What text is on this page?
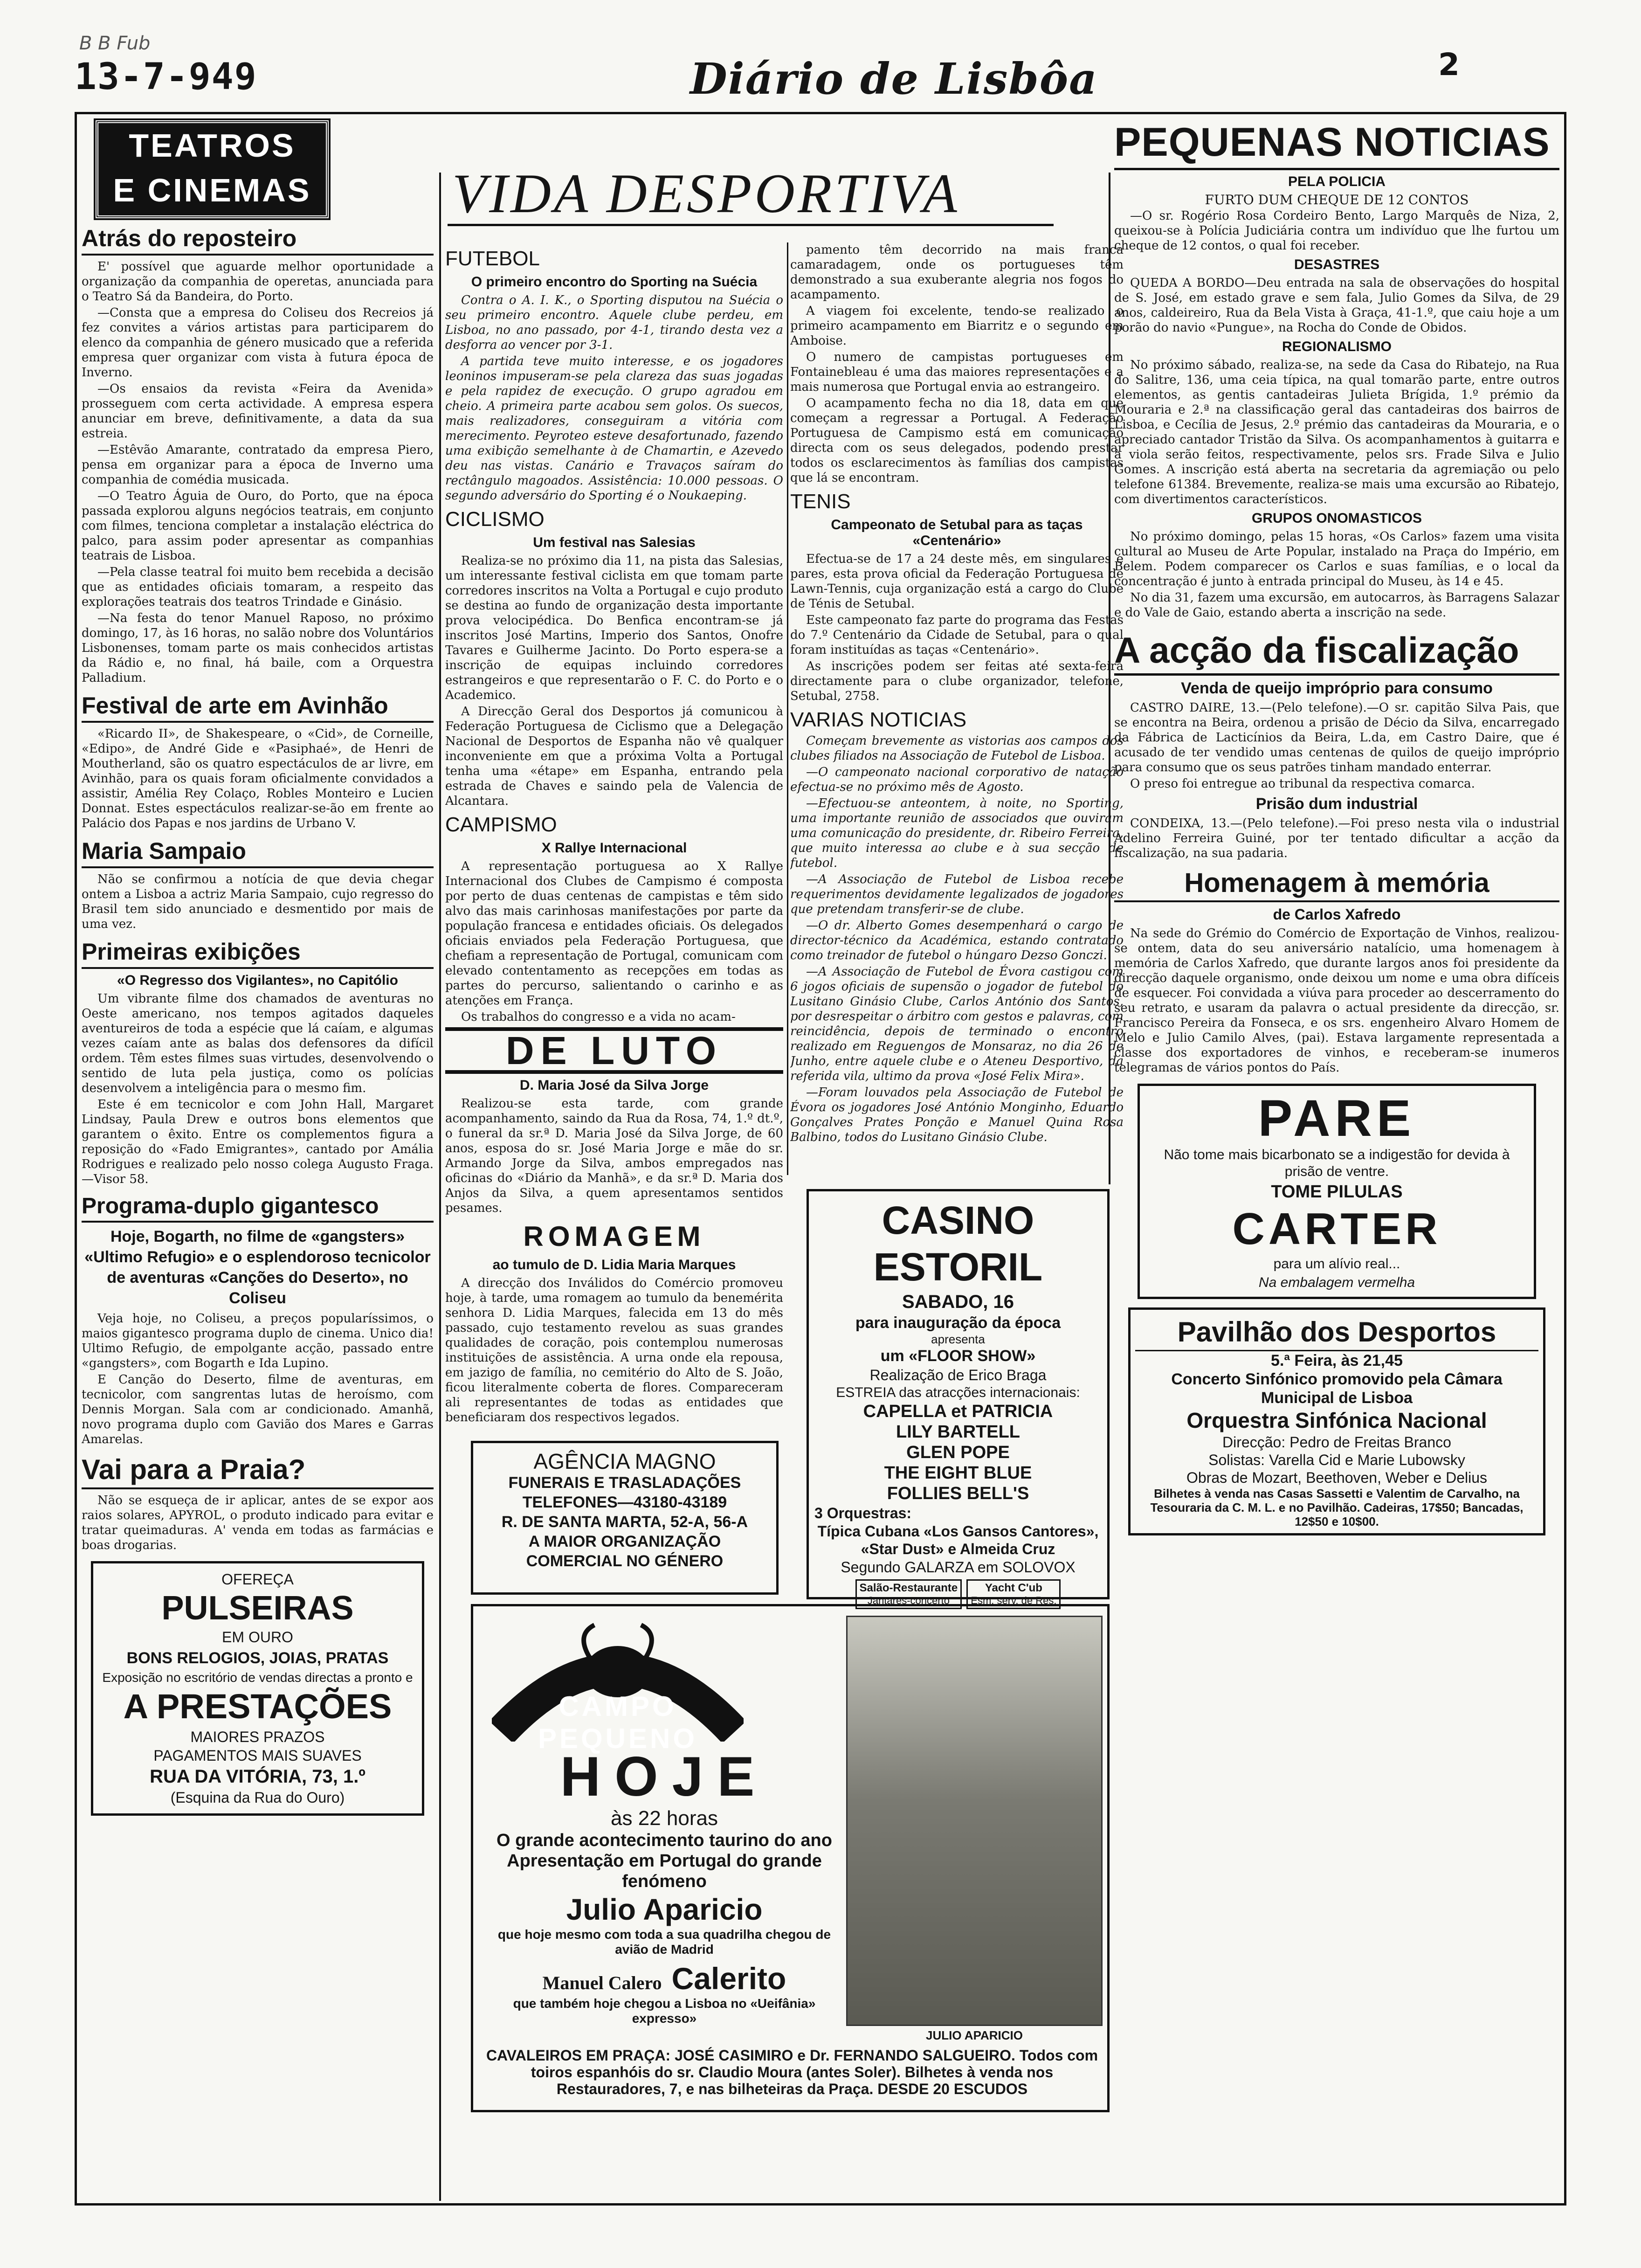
B B Fub
13-7-949	Diário de Lisbôa	2
TEATROS
E CINEMAS
Atrás do reposteiro

E' possível que aguarde melhor oportunidade a organização da companhia de operetas, anunciada para o Teatro Sá da Bandeira, do Porto.

—Consta que a empresa do Coliseu dos Recreios já fez convites a vários artistas para participarem do elenco da companhia de género musicado que a referida empresa quer organizar com vista à futura época de Inverno.

—Os ensaios da revista «Feira da Avenida» prosseguem com certa actividade. A empresa espera anunciar em breve, definitivamente, a data da sua estreia.

—Estêvão Amarante, contratado da empresa Piero, pensa em organizar para a época de Inverno uma companhia de comédia musicada.

—O Teatro Águia de Ouro, do Porto, que na época passada explorou alguns negócios teatrais, em conjunto com filmes, tenciona completar a instalação eléctrica do palco, para assim poder apresentar as companhias teatrais de Lisboa.

—Pela classe teatral foi muito bem recebida a decisão que as entidades oficiais tomaram, a respeito das explorações teatrais dos teatros Trindade e Ginásio.

—Na festa do tenor Manuel Raposo, no próximo domingo, 17, às 16 horas, no salão nobre dos Voluntários Lisbonenses, tomam parte os mais conhecidos artistas da Rádio e, no final, há baile, com a Orquestra Palladium.

Festival de arte em Avinhão

«Ricardo II», de Shakespeare, o «Cid», de Corneille, «Edipo», de André Gide e «Pasiphaé», de Henri de Moutherland, são os quatro espectáculos de ar livre, em Avinhão, para os quais foram oficialmente convidados a assistir, Amélia Rey Colaço, Robles Monteiro e Lucien Donnat. Estes espectáculos realizar-se-ão em frente ao Palácio dos Papas e nos jardins de Urbano V.

Maria Sampaio

Não se confirmou a notícia de que devia chegar ontem a Lisboa a actriz Maria Sampaio, cujo regresso do Brasil tem sido anunciado e desmentido por mais de uma vez.

Primeiras exibições
«O Regresso dos Vigilantes», no Capitólio

Um vibrante filme dos chamados de aventuras no Oeste americano, nos tempos agitados daqueles aventureiros de toda a espécie que lá caíam, e algumas vezes caíam ante as balas dos defensores da difícil ordem. Têm estes filmes suas virtudes, desenvolvendo o sentido de luta pela justiça, como os polícias desenvolvem a inteligência para o mesmo fim.

Este é em tecnicolor e com John Hall, Margaret Lindsay, Paula Drew e outros bons elementos que garantem o êxito. Entre os complementos figura a reposição do «Fado Emigrantes», cantado por Amália Rodrigues e realizado pelo nosso colega Augusto Fraga.—Visor 58.

Programa-duplo gigantesco
Hoje, Bogarth, no filme de «gangsters» «Ultimo Refugio» e o esplendoroso tecnicolor de aventuras «Canções do Deserto», no Coliseu

Veja hoje, no Coliseu, a preços popularíssimos, o maios gigantesco programa duplo de cinema. Unico dia! Ultimo Refugio, de empolgante acção, passado entre «gangsters», com Bogarth e Ida Lupino.

E Canção do Deserto, filme de aventuras, em tecnicolor, com sangrentas lutas de heroísmo, com Dennis Morgan. Sala com ar condicionado. Amanhã, novo programa duplo com Gavião dos Mares e Garras Amarelas.

Vai para a Praia?

Não se esqueça de ir aplicar, antes de se expor aos raios solares, APYROL, o produto indicado para evitar e tratar queimaduras. A' venda em todas as farmácias e boas drogarias.

OFEREÇA
PULSEIRAS
EM OURO
BONS RELOGIOS, JOIAS, PRATAS
Exposição no escritório de vendas directas a pronto e
A PRESTAÇÕES
MAIORES PRAZOS
PAGAMENTOS MAIS SUAVES
RUA DA VITÓRIA, 73, 1.º
(Esquina da Rua do Ouro)
VIDA DESPORTIVA
FUTEBOL
O primeiro encontro do Sporting na Suécia

Contra o A. I. K., o Sporting disputou na Suécia o seu primeiro encontro. Aquele clube perdeu, em Lisboa, no ano passado, por 4-1, tirando desta vez a desforra ao vencer por 3-1.

A partida teve muito interesse, e os jogadores leoninos impuseram-se pela clareza das suas jogadas e pela rapidez de execução. O grupo agradou em cheio. A primeira parte acabou sem golos. Os suecos, mais realizadores, conseguiram a vitória com merecimento. Peyroteo esteve desafortunado, fazendo uma exibição semelhante à de Chamartin, e Azevedo deu nas vistas. Canário e Travaços saíram do rectângulo magoados. Assistência: 10.000 pessoas. O segundo adversário do Sporting é o Noukaeping.

CICLISMO
Um festival nas Salesias

Realiza-se no próximo dia 11, na pista das Salesias, um interessante festival ciclista em que tomam parte corredores inscritos na Volta a Portugal e cujo produto se destina ao fundo de organização desta importante prova velocipédica. Do Benfica encontram-se já inscritos José Martins, Imperio dos Santos, Onofre Tavares e Guilherme Jacinto. Do Porto espera-se a inscrição de equipas incluindo corredores estrangeiros e que representarão o F. C. do Porto e o Academico.

A Direcção Geral dos Desportos já comunicou à Federação Portuguesa de Ciclismo que a Delegação Nacional de Desportos de Espanha não vê qualquer inconveniente em que a próxima Volta a Portugal tenha uma «étape» em Espanha, entrando pela estrada de Chaves e saindo pela de Valencia de Alcantara.

CAMPISMO
X Rallye Internacional

A representação portuguesa ao X Rallye Internacional dos Clubes de Campismo é composta por perto de duas centenas de campistas e têm sido alvo das mais carinhosas manifestações por parte da população francesa e entidades oficiais. Os delegados oficiais enviados pela Federação Portuguesa, que chefiam a representação de Portugal, comunicam com elevado contentamento as recepções em todas as partes do percurso, salientando o carinho e as atenções em França.

Os trabalhos do congresso e a vida no acam-

DE LUTO
D. Maria José da Silva Jorge

Realizou-se esta tarde, com grande acompanhamento, saindo da Rua da Rosa, 74, 1.º dt.º, o funeral da sr.ª D. Maria José da Silva Jorge, de 60 anos, esposa do sr. José Maria Jorge e mãe do sr. Armando Jorge da Silva, ambos empregados nas oficinas do «Diário da Manhã», e da sr.ª D. Maria dos Anjos da Silva, a quem apresentamos sentidos pesames.

ROMAGEM
ao tumulo de D. Lidia Maria Marques

A direcção dos Inválidos do Comércio promoveu hoje, à tarde, uma romagem ao tumulo da benemérita senhora D. Lidia Marques, falecida em 13 do mês passado, cujo testamento revelou as suas grandes qualidades de coração, pois contemplou numerosas instituições de assistência. A urna onde ela repousa, em jazigo de família, no cemitério do Alto de S. João, ficou literalmente coberta de flores. Compareceram ali representantes de todas as entidades que beneficiaram dos respectivos legados.

pamento têm decorrido na mais franca camaradagem, onde os portugueses têm demonstrado a sua exuberante alegria nos fogos do acampamento.

A viagem foi excelente, tendo-se realizado o primeiro acampamento em Biarritz e o segundo em Amboise.

O numero de campistas portugueses em Fontainebleau é uma das maiores representações e a mais numerosa que Portugal envia ao estrangeiro.

O acampamento fecha no dia 18, data em que começam a regressar a Portugal. A Federação Portuguesa de Campismo está em comunicação directa com os seus delegados, podendo prestar todos os esclarecimentos às famílias dos campistas que lá se encontram.

TENIS
Campeonato de Setubal para as taças «Centenário»

Efectua-se de 17 a 24 deste mês, em singulares e pares, esta prova oficial da Federação Portuguesa de Lawn-Tennis, cuja organização está a cargo do Clube de Ténis de Setubal.

Este campeonato faz parte do programa das Festas do 7.º Centenário da Cidade de Setubal, para o qual foram instituídas as taças «Centenário».

As inscrições podem ser feitas até sexta-feira directamente para o clube organizador, telefone, Setubal, 2758.

VARIAS NOTICIAS

Começam brevemente as vistorias aos campos dos clubes filiados na Associação de Futebol de Lisboa.

—O campeonato nacional corporativo de natação efectua-se no próximo mês de Agosto.

—Efectuou-se anteontem, à noite, no Sporting, uma importante reunião de associados que ouviram uma comunicação do presidente, dr. Ribeiro Ferreira, que muito interessa ao clube e à sua secção de futebol.

—A Associação de Futebol de Lisboa recebe requerimentos devidamente legalizados de jogadores que pretendam transferir-se de clube.

—O dr. Alberto Gomes desempenhará o cargo de director-técnico da Académica, estando contratado como treinador de futebol o húngaro Dezso Gonczi.

—A Associação de Futebol de Évora castigou com 6 jogos oficiais de supensão o jogador de futebol do Lusitano Ginásio Clube, Carlos António dos Santos, por desrespeitar o árbitro com gestos e palavras, com reincidência, depois de terminado o encontro realizado em Reguengos de Monsaraz, no dia 26 de Junho, entre aquele clube e o Ateneu Desportivo, da referida vila, ultimo da prova «José Felix Mira».

—Foram louvados pela Associação de Futebol de Évora os jogadores José António Monginho, Eduardo Gonçalves Prates Ponção e Manuel Quina Rosa Balbino, todos do Lusitano Ginásio Clube.

AGÊNCIA MAGNO
FUNERAIS E TRASLADAÇÕES
TELEFONES—43180-43189
R. DE SANTA MARTA, 52-A, 56-A
A MAIOR ORGANIZAÇÃO
COMERCIAL NO GÉNERO
CASINO ESTORIL
SABADO, 16
para inauguração da época
apresenta
um «FLOOR SHOW»
Realização de Erico Braga
ESTREIA das atracções internacionais:
CAPELLA et PATRICIA
LILY BARTELL
GLEN POPE
THE EIGHT BLUE
FOLLIES BELL'S
3 Orquestras:
Típica Cubana «Los Gansos Cantores», «Star Dust» e Almeida Cruz
Segundo GALARZA em SOLOVOX
Salão-Restaurante
Jantares-concerto
Yacht C'ub
Esm. serv. de Res.
CAMPO PEQUENO
HOJE
às 22 horas
O grande acontecimento taurino do ano
Apresentação em Portugal do grande fenómeno
Julio Aparicio
que hoje mesmo com toda a sua quadrilha chegou de avião de Madrid
Manuel Calero Calerito
que também hoje chegou a Lisboa no «Ueifânia» expresso»
JULIO APARICIO
CAVALEIROS EM PRAÇA: JOSÉ CASIMIRO e Dr. FERNANDO SALGUEIRO. Todos com toiros espanhóis do sr. Claudio Moura (antes Soler). Bilhetes à venda nos Restauradores, 7, e nas bilheteiras da Praça. DESDE 20 ESCUDOS
PEQUENAS NOTICIAS
PELA POLICIA
FURTO DUM CHEQUE DE 12 CONTOS

—O sr. Rogério Rosa Cordeiro Bento, Largo Marquês de Niza, 2, queixou-se à Polícia Judiciária contra um indivíduo que lhe furtou um cheque de 12 contos, o qual foi receber.

DESASTRES

QUEDA A BORDO—Deu entrada na sala de observações do hospital de S. José, em estado grave e sem fala, Julio Gomes da Silva, de 29 anos, caldeireiro, Rua da Bela Vista à Graça, 41-1.º, que caiu hoje a um porão do navio «Pungue», na Rocha do Conde de Obidos.

REGIONALISMO

No próximo sábado, realiza-se, na sede da Casa do Ribatejo, na Rua do Salitre, 136, uma ceia típica, na qual tomarão parte, entre outros elementos, as gentis cantadeiras Julieta Brígida, 1.º prémio da Mouraria e 2.ª na classificação geral das cantadeiras dos bairros de Lisboa, e Cecília de Jesus, 2.º prémio das cantadeiras da Mouraria, e o apreciado cantador Tristão da Silva. Os acompanhamentos à guitarra e à viola serão feitos, respectivamente, pelos srs. Frade Silva e Julio Gomes. A inscrição está aberta na secretaria da agremiação ou pelo telefone 61384. Brevemente, realiza-se mais uma excursão ao Ribatejo, com divertimentos característicos.

GRUPOS ONOMASTICOS

No próximo domingo, pelas 15 horas, «Os Carlos» fazem uma visita cultural ao Museu de Arte Popular, instalado na Praça do Império, em Belem. Podem comparecer os Carlos e suas famílias, e o local da concentração é junto à entrada principal do Museu, às 14 e 45.

No dia 31, fazem uma excursão, em autocarros, às Barragens Salazar e do Vale de Gaio, estando aberta a inscrição na sede.

A acção da fiscalização
Venda de queijo impróprio para consumo

CASTRO DAIRE, 13.—(Pelo telefone).—O sr. capitão Silva Pais, que se encontra na Beira, ordenou a prisão de Décio da Silva, encarregado da Fábrica de Lacticínios da Beira, L.da, em Castro Daire, que é acusado de ter vendido umas centenas de quilos de queijo impróprio para consumo que os seus patrões tinham mandado enterrar.

O preso foi entregue ao tribunal da respectiva comarca.

Prisão dum industrial

CONDEIXA, 13.—(Pelo telefone).—Foi preso nesta vila o industrial Adelino Ferreira Guiné, por ter tentado dificultar a acção da fiscalização, na sua padaria.

Homenagem à memória
de Carlos Xafredo

Na sede do Grémio do Comércio de Exportação de Vinhos, realizou-se ontem, data do seu aniversário natalício, uma homenagem à memória de Carlos Xafredo, que durante largos anos foi presidente da direcção daquele organismo, onde deixou um nome e uma obra difíceis de esquecer. Foi convidada a viúva para proceder ao descerramento do seu retrato, e usaram da palavra o actual presidente da direcção, sr. Francisco Pereira da Fonseca, e os srs. engenheiro Alvaro Homem de Melo e Julio Camilo Alves, (pai). Estava largamente representada a classe dos exportadores de vinhos, e receberam-se inumeros telegramas de vários pontos do País.

PARE
Não tome mais bicarbonato se a indigestão for devida à prisão de ventre.
TOME PILULAS
CARTER
para um alívio real...
Na embalagem vermelha
Pavilhão dos Desportos
5.ª Feira, às 21,45
Concerto Sinfónico promovido pela Câmara Municipal de Lisboa
Orquestra Sinfónica Nacional
Direcção: Pedro de Freitas Branco
Solistas: Varella Cid e Marie Lubowsky
Obras de Mozart, Beethoven, Weber e Delius
Bilhetes à venda nas Casas Sassetti e Valentim de Carvalho, na Tesouraria da C. M. L. e no Pavilhão. Cadeiras, 17$50; Bancadas, 12$50 e 10$00.
